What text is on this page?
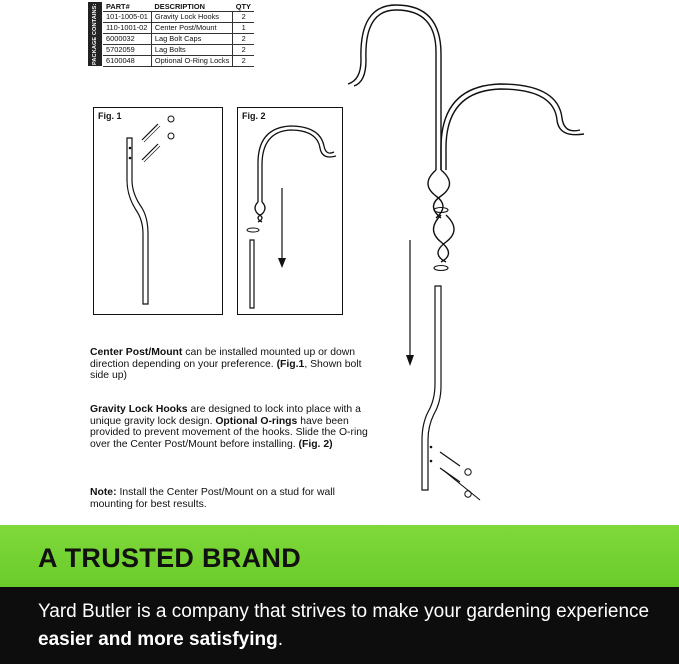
PACKAGE CONTAINS:	PART#	DESCRIPTION	QTY
101-1005-01	Gravity Lock Hooks	2
110-1001-02	Center Post/Mount	1
6000032	Lag Bolt Caps	2
5702059	Lag Bolts	2
6100048	Optional O-Ring Locks	2
Fig. 1	Fig. 2
Center Post/Mount can be installed mounted up or down direction depending on your preference. (Fig.1, Shown bolt side up)
Gravity Lock Hooks are designed to lock into place with a unique gravity lock design. Optional O-rings have been provided to prevent movement of the hooks. Slide the O-ring over the Center Post/Mount before installing. (Fig. 2)
Note: Install the Center Post/Mount on a stud for wall mounting for best results.
A TRUSTED BRAND
Yard Butler is a company that strives to make your gardening experience easier and more satisfying.
